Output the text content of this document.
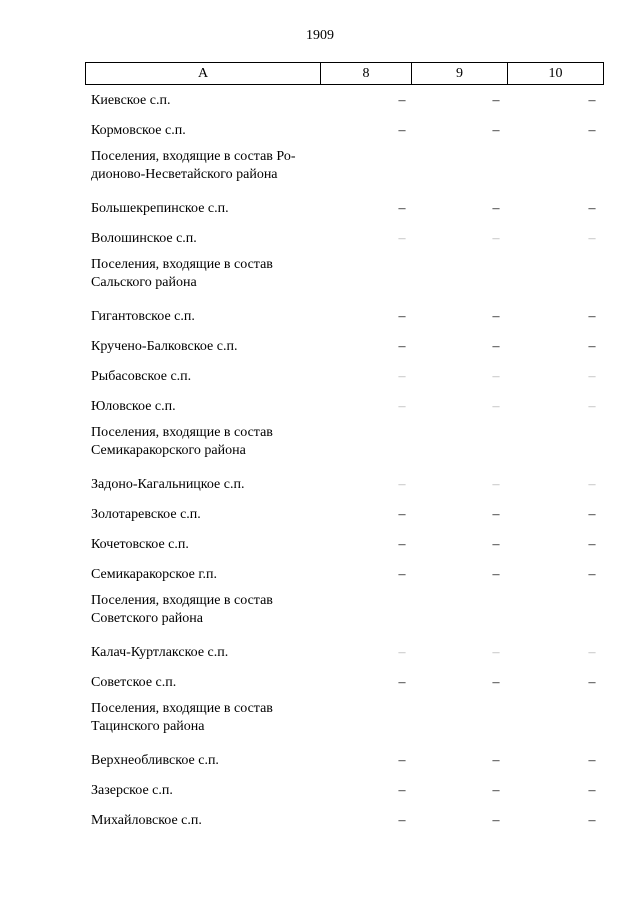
1909
А	8	9	10
Киевское с.п.	–	–	–
Кормовское с.п.	–	–	–
Поселения, входящие в состав Ро-
дионово-Несветайского района
Большекрепинское с.п.	–	–	–
Волошинское с.п.	–	–	–
Поселения, входящие в состав
Сальского района
Гигантовское с.п.	–	–	–
Кручено-Балковское с.п.	–	–	–
Рыбасовское с.п.	–	–	–
Юловское с.п.	–	–	–
Поселения, входящие в состав
Семикаракорского района
Задоно-Кагальницкое с.п.	–	–	–
Золотаревское с.п.	–	–	–
Кочетовское с.п.	–	–	–
Семикаракорское г.п.	–	–	–
Поселения, входящие в состав
Советского района
Калач-Куртлакское с.п.	–	–	–
Советское с.п.	–	–	–
Поселения, входящие в состав
Тацинского района
Верхнеобливское с.п.	–	–	–
Зазерское с.п.	–	–	–
Михайловское с.п.	–	–	–
